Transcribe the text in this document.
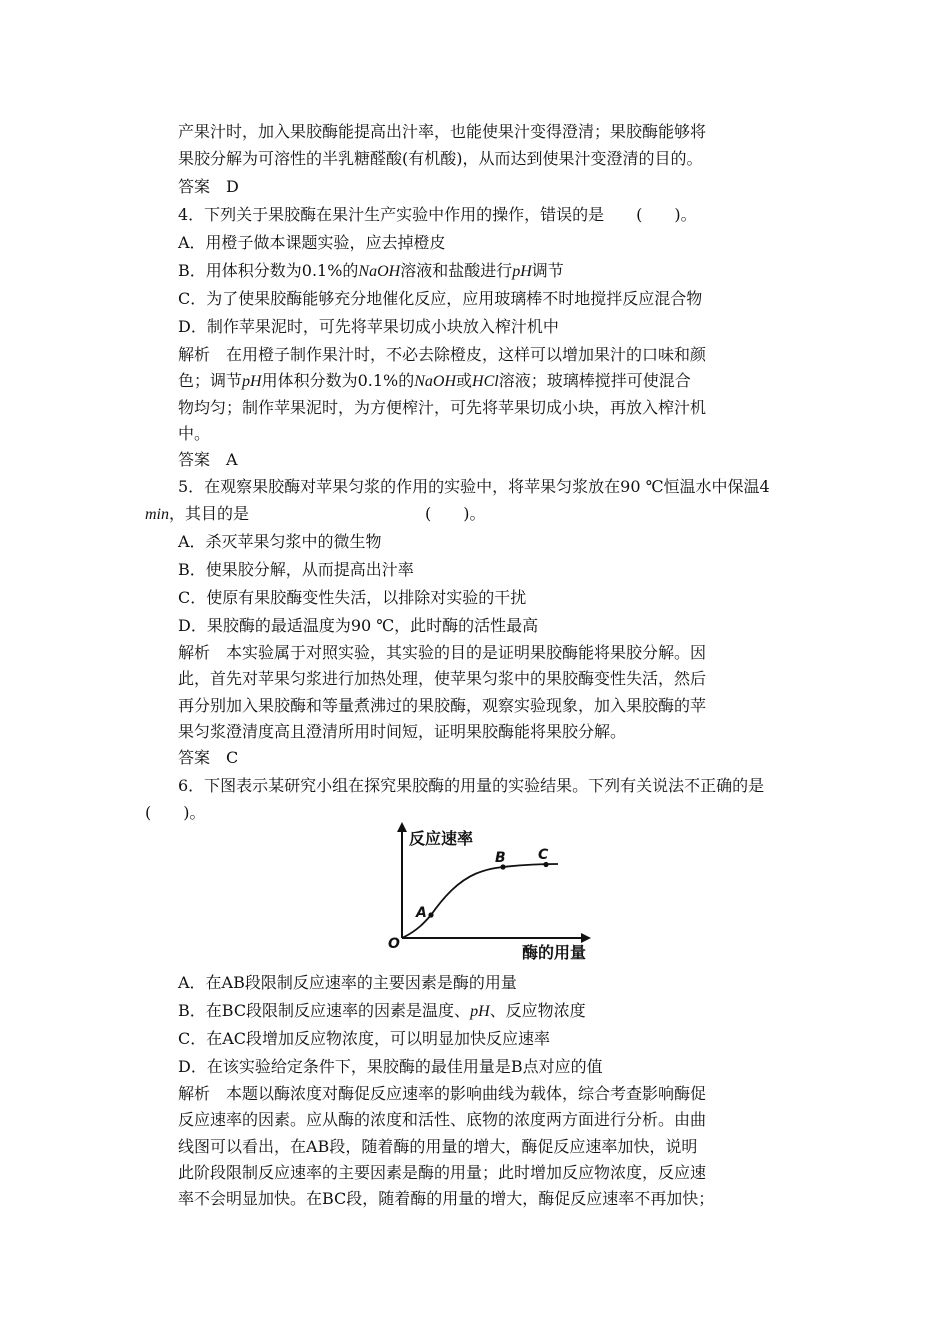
产果汁时，加入果胶酶能提高出汁率，也能使果汁变得澄清；果胶酶能够将
果胶分解为可溶性的半乳糖醛酸(有机酸)，从而达到使果汁变澄清的目的。
答案　D
4．下列关于果胶酶在果汁生产实验中作用的操作，错误的是　　(　　)。
A．用橙子做本课题实验，应去掉橙皮
B．用体积分数为0.1%的NaOH溶液和盐酸进行pH调节
C．为了使果胶酶能够充分地催化反应，应用玻璃棒不时地搅拌反应混合物
D．制作苹果泥时，可先将苹果切成小块放入榨汁机中
解析　在用橙子制作果汁时，不必去除橙皮，这样可以增加果汁的口味和颜
色；调节pH用体积分数为0.1%的NaOH或HCl溶液；玻璃棒搅拌可使混合
物均匀；制作苹果泥时，为方便榨汁，可先将苹果切成小块，再放入榨汁机
中。
答案　A
5．在观察果胶酶对苹果匀浆的作用的实验中，将苹果匀浆放在90 ℃恒温水中保温4
min，其目的是　　　　　　　　　　　(　　)。
A．杀灭苹果匀浆中的微生物
B．使果胶分解，从而提高出汁率
C．使原有果胶酶变性失活，以排除对实验的干扰
D．果胶酶的最适温度为90 ℃，此时酶的活性最高
解析　本实验属于对照实验，其实验的目的是证明果胶酶能将果胶分解。因
此，首先对苹果匀浆进行加热处理，使苹果匀浆中的果胶酶变性失活，然后
再分别加入果胶酶和等量煮沸过的果胶酶，观察实验现象，加入果胶酶的苹
果匀浆澄清度高且澄清所用时间短，证明果胶酶能将果胶分解。
答案　C
6．下图表示某研究小组在探究果胶酶的用量的实验结果。下列有关说法不正确的是
(　　)。
反应速率
酶的用量
O
A
B C
A．在AB段限制反应速率的主要因素是酶的用量
B．在BC段限制反应速率的因素是温度、pH、反应物浓度
C．在AC段增加反应物浓度，可以明显加快反应速率
D．在该实验给定条件下，果胶酶的最佳用量是B点对应的值
解析　本题以酶浓度对酶促反应速率的影响曲线为载体，综合考查影响酶促
反应速率的因素。应从酶的浓度和活性、底物的浓度两方面进行分析。由曲
线图可以看出，在AB段，随着酶的用量的增大，酶促反应速率加快，说明
此阶段限制反应速率的主要因素是酶的用量；此时增加反应物浓度，反应速
率不会明显加快。在BC段，随着酶的用量的增大，酶促反应速率不再加快；
